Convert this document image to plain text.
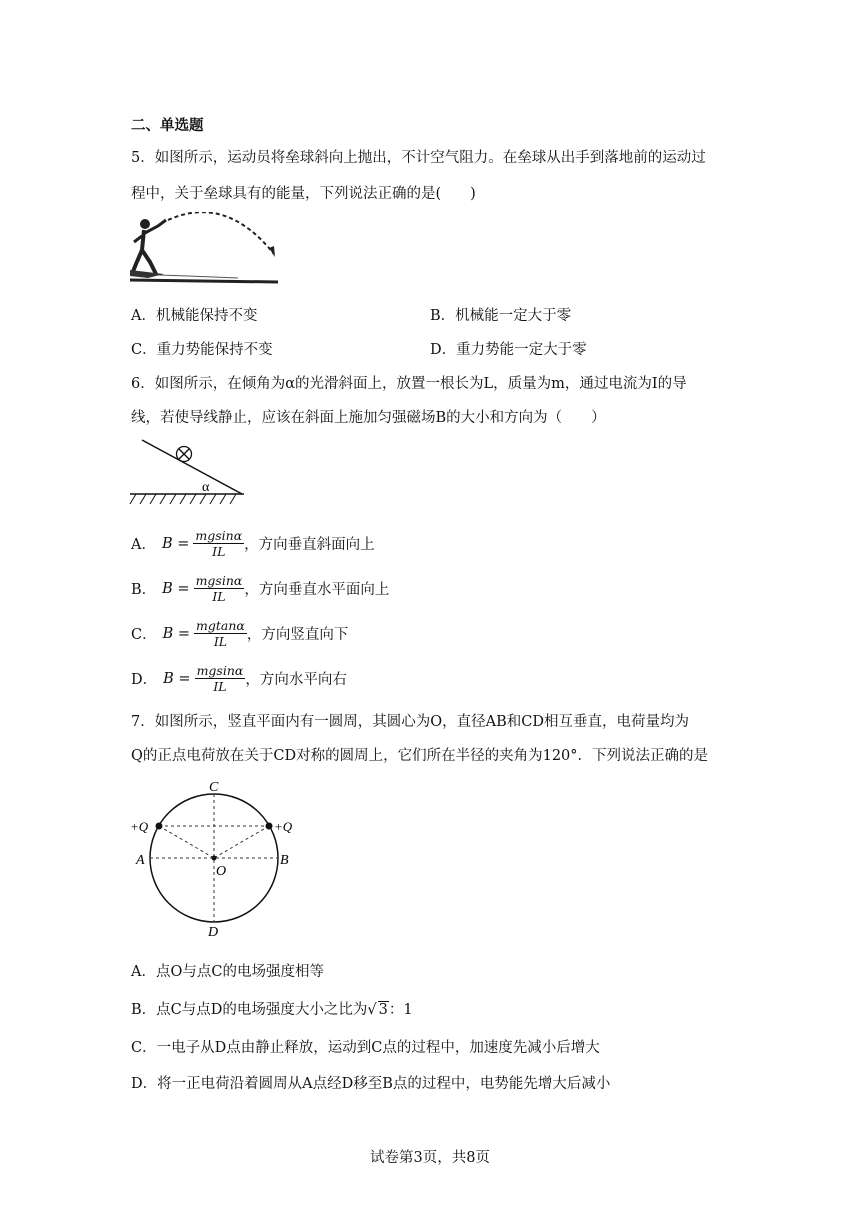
二、单选题
5．如图所示，运动员将垒球斜向上抛出，不计空气阻力。在垒球从出手到落地前的运动过
程中，关于垒球具有的能量，下列说法正确的是(　　)
A．机械能保持不变	B．机械能一定大于零
C．重力势能保持不变	D．重力势能一定大于零
6．如图所示，在倾角为α的光滑斜面上，放置一根长为L，质量为m，通过电流为I的导
线，若使导线静止，应该在斜面上施加匀强磁场B的大小和方向为（　　）
α
A． $B = \frac{mgsin\alpha}{IL}$ ，方向垂直斜面向上
B． $B = \frac{mgsin\alpha}{IL}$ ，方向垂直水平面向上
C． $B = \frac{mgtan\alpha}{IL}$ ，方向竖直向下
D． $B = \frac{mgsin\alpha}{IL}$ ，方向水平向右
7．如图所示，竖直平面内有一圆周，其圆心为O，直径AB和CD相互垂直，电荷量均为
Q的正点电荷放在关于CD对称的圆周上，它们所在半径的夹角为120°．下列说法正确的是
C
D
A	B
O
+Q	+Q
A．点O与点C的电场强度相等
B．点C与点D的电场强度大小之比为√ 3：1
C．一电子从D点由静止释放，运动到C点的过程中，加速度先减小后增大
D．将一正电荷沿着圆周从A点经D移至B点的过程中，电势能先增大后减小
试卷第3页，共8页
